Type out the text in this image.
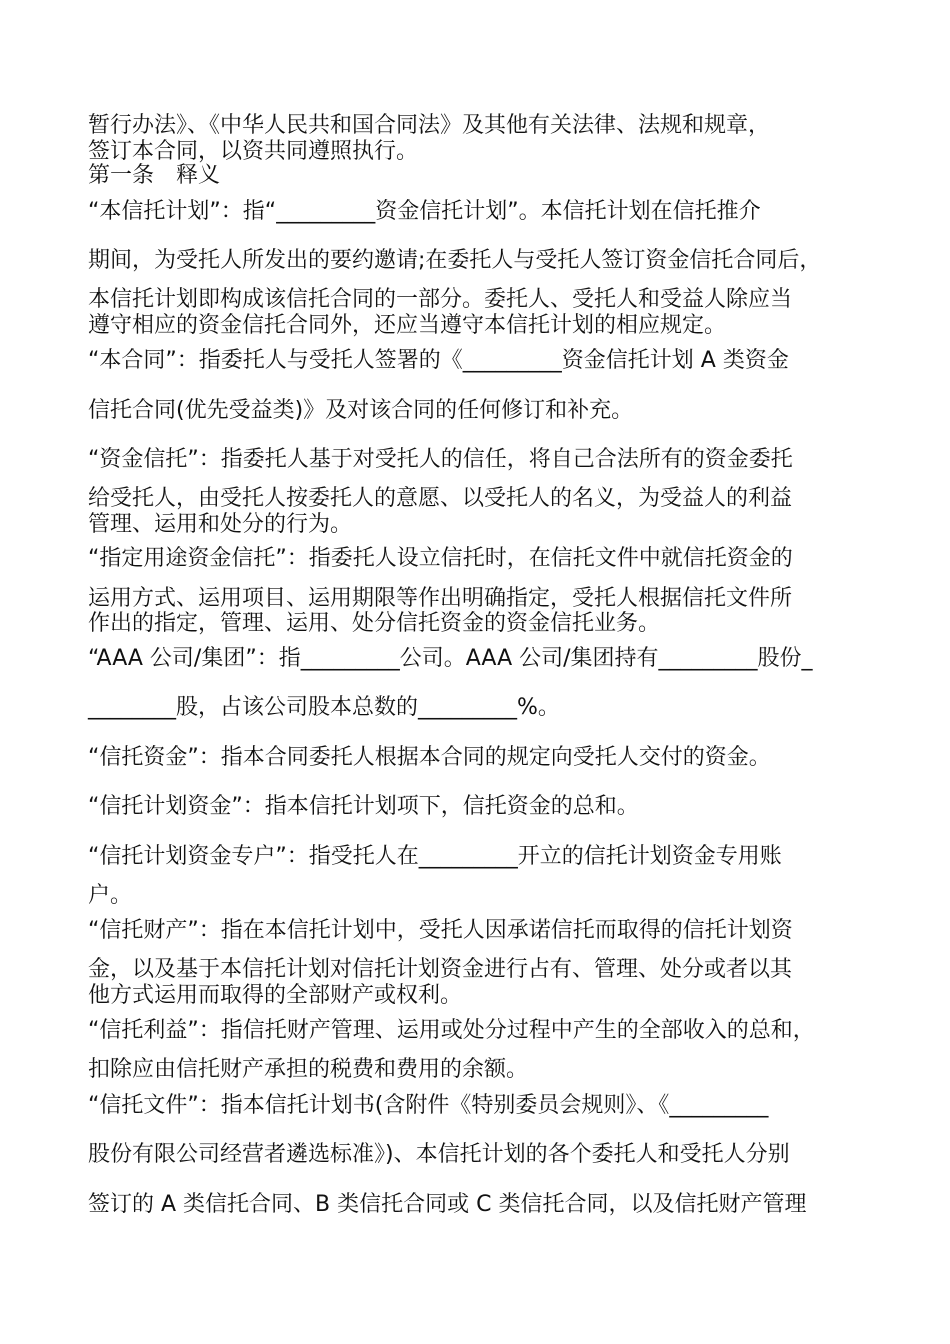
暂行办法》、《中华人民共和国合同法》及其他有关法律、法规和规章，
签订本合同，以资共同遵照执行。
第一条　释义
“本信托计划”：指“_________资金信托计划”。本信托计划在信托推介
期间，为受托人所发出的要约邀请;在委托人与受托人签订资金信托合同后，
本信托计划即构成该信托合同的一部分。委托人、受托人和受益人除应当
遵守相应的资金信托合同外，还应当遵守本信托计划的相应规定。
“本合同”：指委托人与受托人签署的《_________资金信托计划 A 类资金
信托合同(优先受益类)》及对该合同的任何修订和补充。
“资金信托”：指委托人基于对受托人的信任，将自己合法所有的资金委托
给受托人，由受托人按委托人的意愿、以受托人的名义，为受益人的利益
管理、运用和处分的行为。
“指定用途资金信托”：指委托人设立信托时，在信托文件中就信托资金的
运用方式、运用项目、运用期限等作出明确指定，受托人根据信托文件所
作出的指定，管理、运用、处分信托资金的资金信托业务。
“AAA 公司/集团”：指_________公司。AAA 公司/集团持有_________股份_
________股，占该公司股本总数的_________%。
“信托资金”：指本合同委托人根据本合同的规定向受托人交付的资金。
“信托计划资金”：指本信托计划项下，信托资金的总和。
“信托计划资金专户”：指受托人在_________开立的信托计划资金专用账
户。
“信托财产”：指在本信托计划中，受托人因承诺信托而取得的信托计划资
金，以及基于本信托计划对信托计划资金进行占有、管理、处分或者以其
他方式运用而取得的全部财产或权利。
“信托利益”：指信托财产管理、运用或处分过程中产生的全部收入的总和，
扣除应由信托财产承担的税费和费用的余额。
“信托文件”：指本信托计划书(含附件《特别委员会规则》、《_________
股份有限公司经营者遴选标准》)、本信托计划的各个委托人和受托人分别
签订的 A 类信托合同、B 类信托合同或 C 类信托合同，以及信托财产管理
